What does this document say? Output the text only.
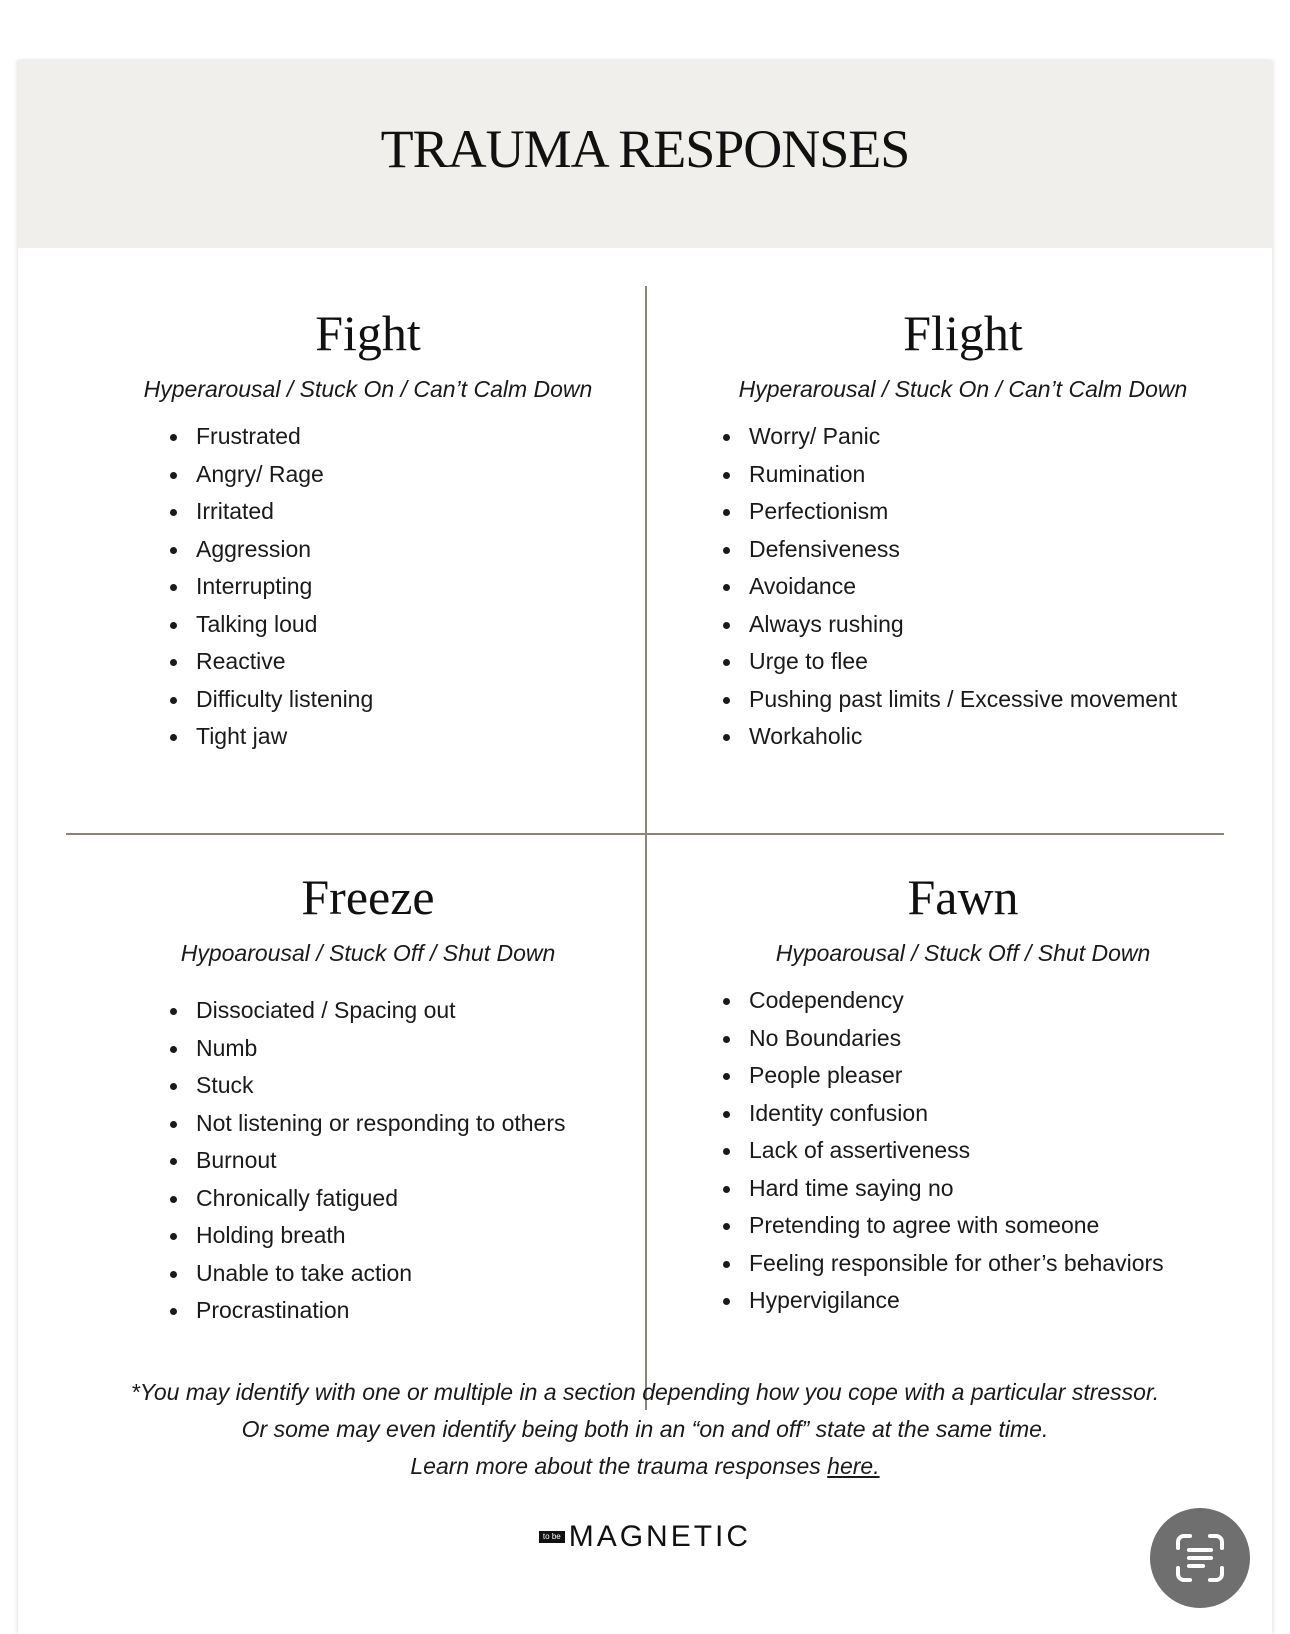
TRAUMA RESPONSES
Fight
Hyperarousal / Stuck On / Can’t Calm Down
Frustrated
Angry/ Rage
Irritated
Aggression
Interrupting
Talking loud
Reactive
Difficulty listening
Tight jaw
Flight
Hyperarousal / Stuck On / Can’t Calm Down
Worry/ Panic
Rumination
Perfectionism
Defensiveness
Avoidance
Always rushing
Urge to flee
Pushing past limits / Excessive movement
Workaholic
Freeze
Hypoarousal / Stuck Off / Shut Down
Dissociated / Spacing out
Numb
Stuck
Not listening or responding to others
Burnout
Chronically fatigued
Holding breath
Unable to take action
Procrastination
Fawn
Hypoarousal / Stuck Off / Shut Down
Codependency
No Boundaries
People pleaser
Identity confusion
Lack of assertiveness
Hard time saying no
Pretending to agree with someone
Feeling responsible for other’s behaviors
Hypervigilance
*You may identify with one or multiple in a section depending how you cope with a particular stressor.
Or some may even identify being both in an “on and off” state at the same time.
Learn more about the trauma responses here.
to be MAGNETIC
